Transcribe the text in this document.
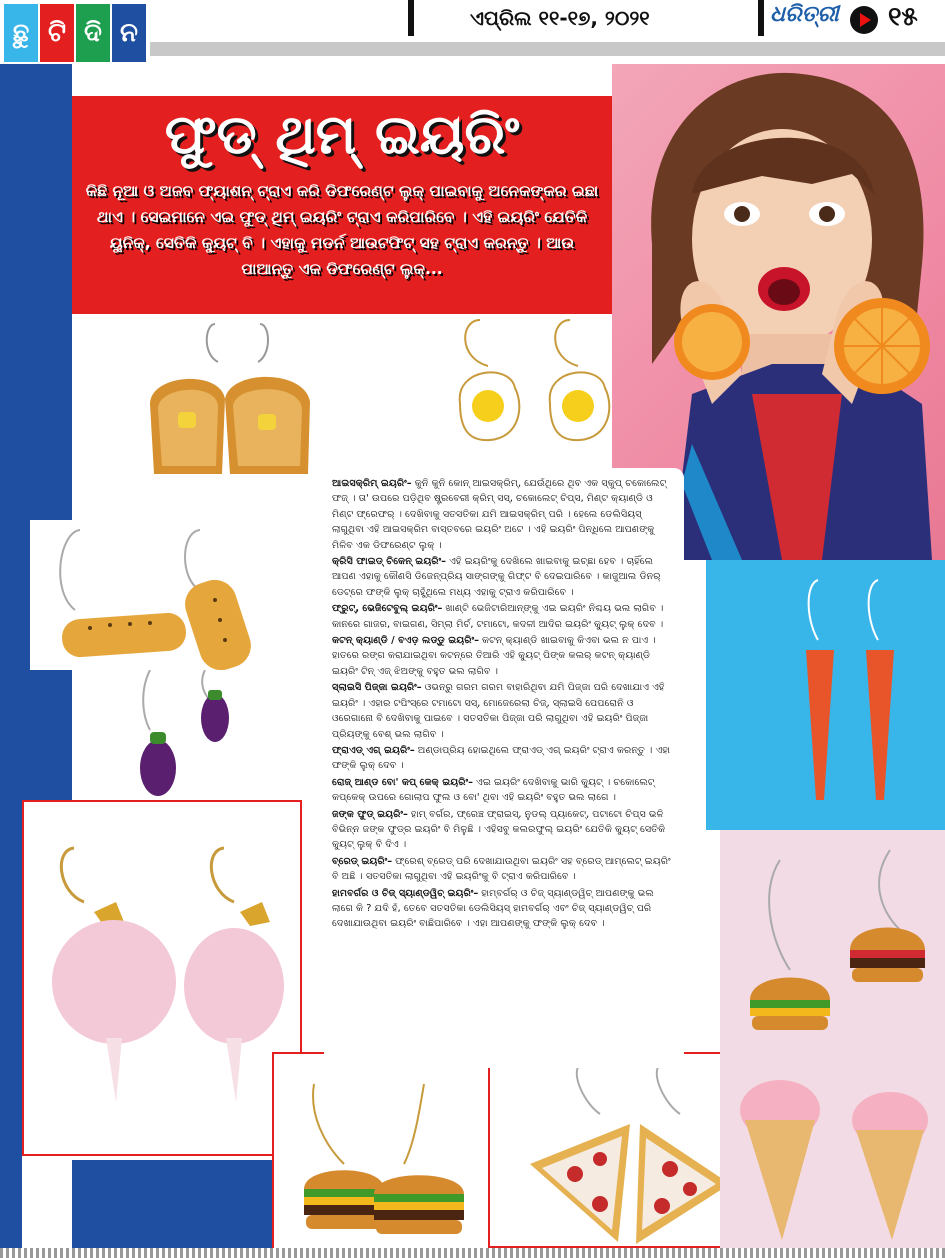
ଛୁ ଟି ଦି ନ	ଏପ୍ରିଲ ୧୧-୧୭, ୨୦୨୧	ଧରିତ୍ରୀ ୧୫
ଫୁଡ୍ ଥିମ୍ ଇୟରିଂ
କିଛି ନୂଆ ଓ ଅଜବ ଫ୍ୟାଶନ୍ ଟ୍ରାଏ କରି ଡିଫରେଣ୍ଟ ଲୁକ୍ ପାଇବାକୁ ଅନେକଙ୍କର ଇଛା ଥାଏ । ସେଇମାନେ ଏଇ ଫୁଡ୍ ଥିମ୍ ଇୟରିଂ ଟ୍ରାଏ କରିପାରିବେ । ଏହି ଇୟରିଂ ଯେତିକି ୟୁନିକ୍, ସେତିକି କ୍ୟୁଟ୍ ବି । ଏହାକୁ ମଡର୍ନ ଆଉଟଫିଟ୍ ସହ ଟ୍ରାଏ କରନ୍ତୁ । ଆଉ ପାଆନ୍ତୁ ଏକ ଡିଫରେଣ୍ଟ ଲୁକ୍...

ଆଇସକ୍ରିମ୍ ଇୟରିଂ– କୁନି କୁନି କୋନ୍ ଆଇସକ୍ରିମ୍, ଯେଉଁଥିରେ ଥିବ ଏକ ସ୍କୁପ୍ ଚକୋଲେଟ୍ ଫଜ୍ । ତା' ଉପରେ ପଡ଼ିଥିବ ଷ୍ଟ୍ରବେରୀ କ୍ରିମ୍ ସସ୍, ଚକୋଲେଟ୍ ଚିପ୍ସ, ମିଣ୍ଟ କ୍ୟାଣ୍ଡି ଓ ମିଣ୍ଟ ଫ୍ରେଫର୍ । ଦେଖିବାକୁ ସତସତିକା ଯମି ଆଇସକ୍ରିମ୍ ପରି । ହେଲେ ଡେଲିସିୟସ୍ ଲାଗୁଥିବା ଏହି ଆଇସକ୍ରିମ ବାସ୍ତବରେ ଇୟରିଂ ଅଟେ । ଏହି ଇୟରିଂ ପିନ୍ଧିଲେ ଆପଣଙ୍କୁ ମିଳିବ ଏକ ଡିଫରେଣ୍ଟ ଲୁକ୍ ।

କ୍ରିସି ଫାଇଡ୍ ଚିକେନ୍ ଇୟରିଂ– ଏହି ଇୟରିଂକୁ ଦେଖିଲେ ଖାଇବାକୁ ଇଚ୍ଛା ହେବ । ଚାହିଁଲେ ଆପଣ ଏହାକୁ କୌଣସି ଡିଜେନ୍‌ପ୍ରିୟ ସାଙ୍ଗଙ୍କୁ ଗିଫ୍ଟ ବି ଦେଇପାରିବେ । କାଜୁଆଲ ଡିନର୍ ଡେଟ୍‌ରେ ଫଙ୍କି ଲୁକ୍ ଚାହୁଁଥିଲେ ମଧ୍ୟ ଏହାକୁ ଟ୍ରାଏ କରିପାରିବେ ।

ଫ୍ରୁଟ୍, ଭେଜିଟେବୁଲ୍ ଇୟରିଂ– ଖାଣ୍ଟି ଭେଜିଟାରିଆନ୍‌ଙ୍କୁ ଏଇ ଇୟରିଂ ନିଶ୍ଚୟ ଭଲ ଲାଗିବ । କାନରେ ଗାଜର, ବାଇଗଣ, ସିମ୍ଲା ମିର୍ଚ, ଟମାଟୋ, କଦଳୀ ଆଦିର ଇୟରିଂ କ୍ୟୁଟ୍ ଲୁକ୍ ଦେବ ।

କଟନ୍ କ୍ୟାଣ୍ଡି / ବଏଡ଼ ଲଡ୍ଡୁ ଇୟରିଂ– କଟନ୍ କ୍ୟାଣ୍ଡି ଖାଇବାକୁ କିଏବା ଭଲ ନ ପାଏ । ହାତରେ ରଙ୍ଗ କରାଯାଇଥିବା କଟନ୍‌ରେ ତିଆରି ଏହି କ୍ୟୁଟ୍ ପିଙ୍କ କଲର୍ କଟନ୍ କ୍ୟାଣ୍ଡି ଇୟରିଂ ଟିନ୍ ଏଜ୍ ଝିଅଙ୍କୁ ବହୁତ ଭଲ ଲାଗିବ ।

ସ୍ଲାଇସି ପିଜ୍ଜା ଇୟରିଂ– ଓଭନ୍‌ରୁ ଗରମ ଗରମ ବାହାରିଥିବା ଯମି ପିଜ୍ଜା ପରି ଦେଖାଯାଏ ଏହି ଇୟରିଂ । ଏହାର ଟପିଂସ୍‌ରେ ଟମାଟୋ ସସ୍, ମୋଜେରେଲା ଚିଜ୍, ସ୍ଲାଇସି ପେପରୋନି ଓ ଓରେଗାନୋ ବି ଦେଖିବାକୁ ପାଇବେ । ସତସତିକା ପିଜ୍ଜା ପରି ଲାଗୁଥିବା ଏହି ଇୟରିଂ ପିଜ୍ଜା ପ୍ରିୟଙ୍କୁ ବେଶ୍ ଭଲ ଲାଗିବ ।

ଫ୍ରାଏଡ୍ ଏଗ୍ ଇୟରିଂ– ଅଣ୍ଡାପ୍ରିୟ ହୋଇଥିଲେ ଫ୍ରାଏଡ୍ ଏଗ୍ ଇୟରିଂ ଟ୍ରାଏ କରନ୍ତୁ । ଏହା ଫଙ୍କି ଲୁକ୍ ଦେବ ।

ରୋଜ୍ ଆଣ୍ଡ ବୋ' କପ୍ କେକ୍ ଇୟରିଂ– ଏଇ ଇୟରିଂ ଦେଖିବାକୁ ଭାରି କ୍ୟୁଟ୍ । ଚକୋଲେଟ୍ କପ୍‌କେକ୍ ଉପରେ ଗୋଲାପ ଫୁଲ ଓ ବୋ' ଥିବା ଏହି ଇୟରିଂ ବହୁତ ଭଲ ଲାଗେ ।

ଜଙ୍କ ଫୁଡ୍ ଇୟରିଂ– ହାମ୍ ବର୍ଗର, ଫ୍ରେଞ୍ଚ ଫ୍ରାଇସ୍, ନୁଡଲ୍ ପ୍ୟାକେଟ୍, ପଟାଟୋ ଚିପ୍ସ ଭଳି ବିଭିନ୍ନ ଜଙ୍କ ଫୁଡ୍‌ର ଇୟରିଂ ବି ମିଳୁଛି । ଏହିସବୁ କଲରଫୁଲ୍ ଇୟରିଂ ଯେତିକି କ୍ୟୁଟ୍ ସେତିକି କ୍ୟୁଟ୍ ଲୁକ୍ ବି ଦିଏ ।

ବ୍ରେଡ୍ ଇୟରିଂ– ଫ୍ରେଶ୍ ବ୍ରେଡ୍ ପରି ଦେଖାଯାଉଥିବା ଇୟରିଂ ସହ ବ୍ରେଡ୍ ଆମ୍‌ଲେଟ୍ ଇୟରିଂ ବି ଅଛି । ସତସତିକା ଲାଗୁଥିବା ଏହି ଇୟରିଂକୁ ବି ଟ୍ରାଏ କରିପାରିବେ ।

ହାମବର୍ଗର ଓ ଚିଜ୍ ସ୍ୟାଣ୍ଡୱିଚ୍ ଇୟରିଂ– ହାମ୍‌ବର୍ଗର୍ ଓ ଚିଜ୍ ସ୍ୟାଣ୍ଡୱିଚ୍ ଆପଣଙ୍କୁ ଭଲ ଲାଗେ କି ? ଯଦି ହଁ, ତେବେ ସତସତିକା ଡେଲିସିୟସ୍ ହାମବର୍ଗର୍ ଏବଂ ଚିଜ୍ ସ୍ୟାଣ୍ଡୱିଚ୍ ପରି ଦେଖାଯାଉଥିବା ଇୟରିଂ ବାଛିପାରିବେ । ଏହା ଆପଣଙ୍କୁ ଫଙ୍କି ଲୁକ୍ ଦେବ ।
